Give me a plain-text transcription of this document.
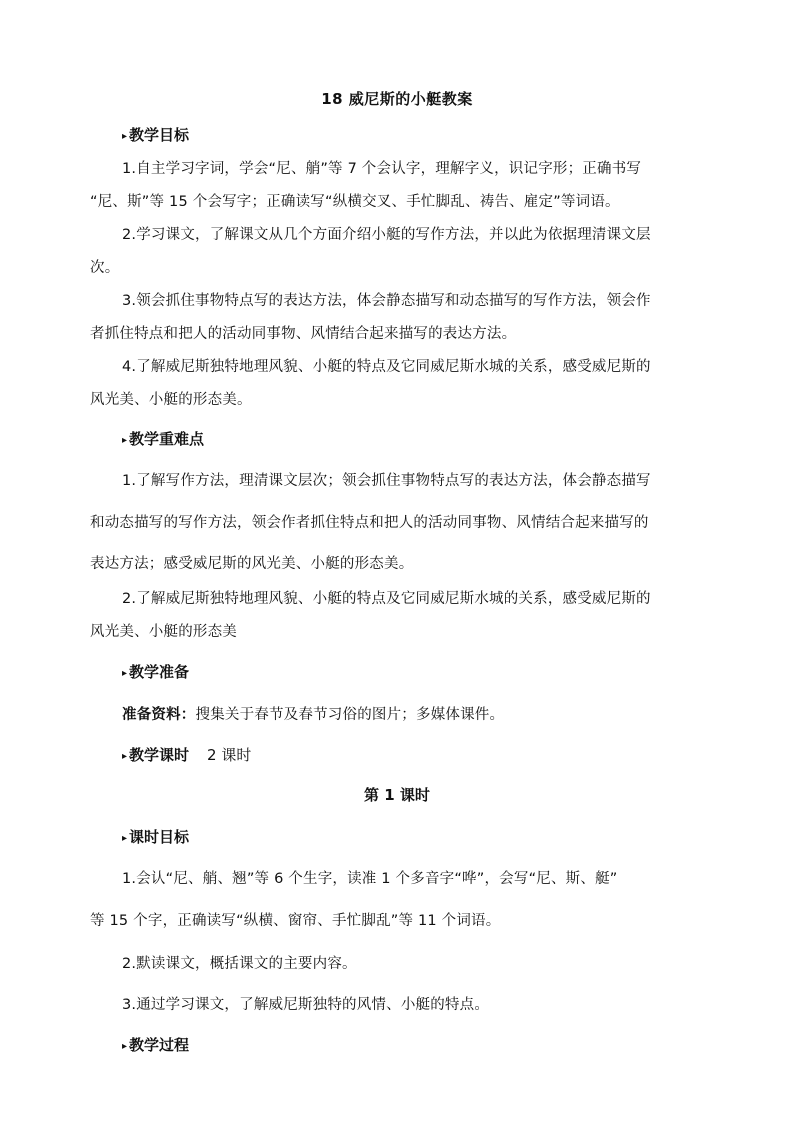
18 威尼斯的小艇教案
▸ 教学目标
1.自主学习字词，学会“尼、艄”等 7 个会认字，理解字义，识记字形；正确书写
“尼、斯”等 15 个会写字；正确读写“纵横交叉、手忙脚乱、祷告、雇定”等词语。
2.学习课文，了解课文从几个方面介绍小艇的写作方法，并以此为依据理清课文层
次。
3.领会抓住事物特点写的表达方法，体会静态描写和动态描写的写作方法，领会作
者抓住特点和把人的活动同事物、风情结合起来描写的表达方法。
4.了解威尼斯独特地理风貌、小艇的特点及它同威尼斯水城的关系，感受威尼斯的
风光美、小艇的形态美。
▸ 教学重难点
1.了解写作方法，理清课文层次；领会抓住事物特点写的表达方法，体会静态描写
和动态描写的写作方法，领会作者抓住特点和把人的活动同事物、风情结合起来描写的
表达方法；感受威尼斯的风光美、小艇的形态美。
2.了解威尼斯独特地理风貌、小艇的特点及它同威尼斯水城的关系，感受威尼斯的
风光美、小艇的形态美
▸ 教学准备
准备资料：搜集关于春节及春节习俗的图片；多媒体课件。
▸ 教学课时 2 课时
第 1 课时
▸ 课时目标
1.会认“尼、艄、翘”等 6 个生字，读准 1 个多音字“哗”，会写“尼、斯、艇”
等 15 个字，正确读写“纵横、窗帘、手忙脚乱”等 11 个词语。
2.默读课文，概括课文的主要内容。
3.通过学习课文，了解威尼斯独特的风情、小艇的特点。
▸ 教学过程
